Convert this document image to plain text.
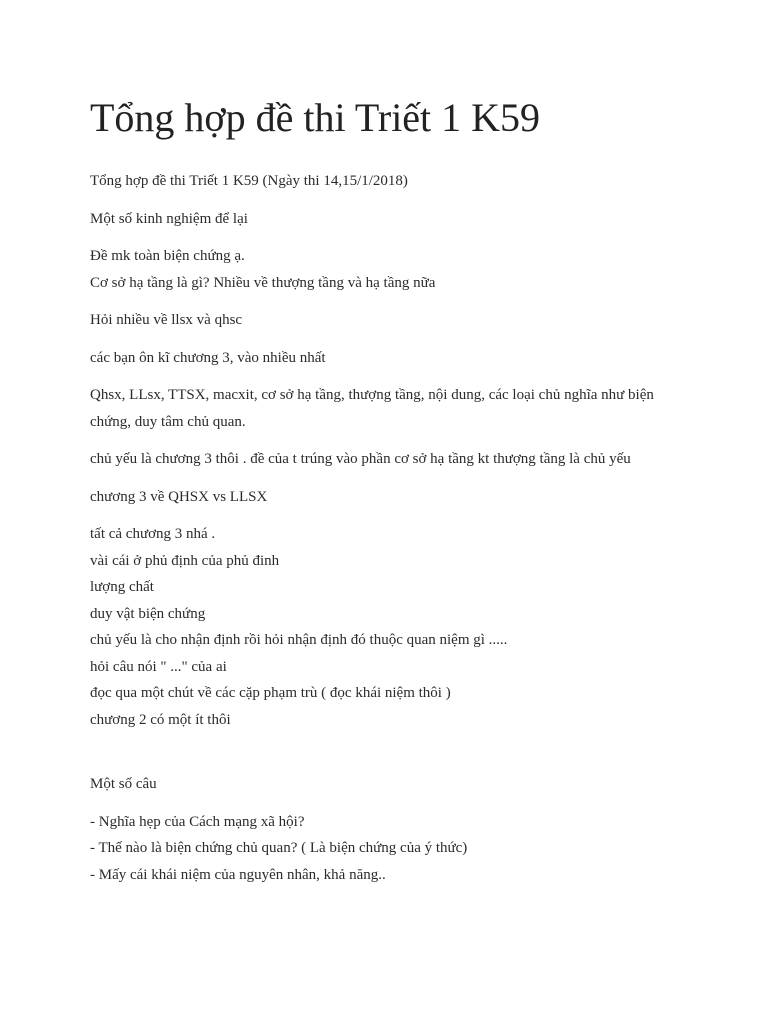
Tổng hợp đề thi Triết 1 K59

Tổng hợp đề thi Triết 1 K59 (Ngày thi 14,15/1/2018)

Một số kinh nghiệm để lại

Đề mk toàn biện chứng ạ.
Cơ sở hạ tầng là gì? Nhiều về thượng tầng và hạ tầng nữa

Hỏi nhiều về llsx và qhsc

các bạn ôn kĩ chương 3, vào nhiều nhất

Qhsx, LLsx, TTSX, macxit, cơ sở hạ tầng, thượng tầng, nội dung, các loại chủ nghĩa như biện chứng, duy tâm chủ quan.

chủ yếu là chương 3 thôi . đề của t trúng vào phần cơ sở hạ tầng kt thượng tầng là chủ yếu

chương 3 về QHSX vs LLSX

tất cả chương 3 nhá .
vài cái ở phủ định của phủ đinh
lượng chất
duy vật biện chứng
chủ yếu là cho nhận định rồi hỏi nhận định đó thuộc quan niệm gì .....
hỏi câu nói " ..." của ai
đọc qua một chút về các cặp phạm trù ( đọc khái niệm thôi )
chương 2 có một ít thôi

Một số câu

- Nghĩa hẹp của Cách mạng xã hội?
- Thế nào là biện chứng chủ quan? ( Là biện chứng của ý thức)
- Mấy cái khái niệm của nguyên nhân, khả năng..
